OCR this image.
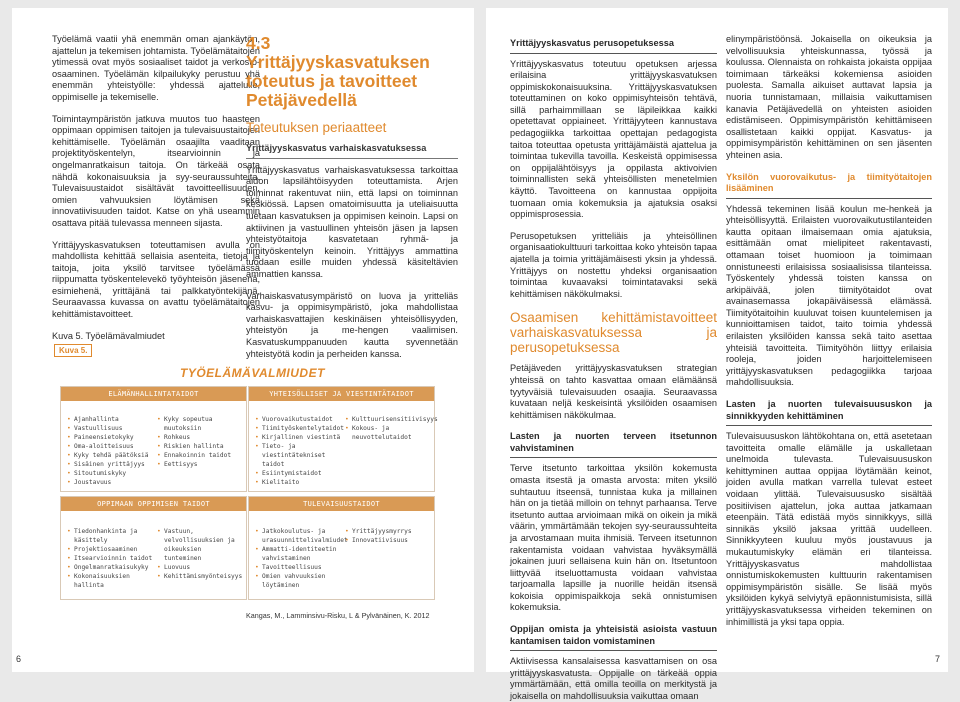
Työelämä vaatii yhä enemmän oman ajankäytön, ajattelun ja tekemisen johtamista. Työelämätaitojen ytimessä ovat myös sosiaaliset taidot ja verkosto-osaaminen. Työelämän kilpailukyky perustuu yhä enemmän yhteistyölle: yhdessä ajattelulle, oppimiselle ja tekemiselle.

Toimintaympäristön jatkuva muutos tuo haasteen oppimaan oppimisen taitojen ja tulevaisuustaitojen kehittämiselle. Työelämän osaajilta vaaditaan projektityöskentelyn, itsearvioinnin ja ongelmanratkaisun taitoja. On tärkeää osata nähdä kokonaisuuksia ja syy-seuraussuhteita. Tulevaisuustaidot sisältävät tavoitteellisuuden, omien vahvuuksien löytämisen sekä innovatiivisuuden taidot. Katse on yhä useammin osattava pitää tulevassa menneen sijasta.

Yrittäjyyskasvatuksen toteuttamisen avulla on mahdollista kehittää sellaisia asenteita, tietoja ja taitoja, joita yksilö tarvitsee työelämässä riippumatta työskentelevekö työyhteisön jäsenenä, esimiehenä, yrittäjänä tai palkkatyöntekijänä. Seuraavassa kuvassa on avattu työelämätaitojen kehittämistavoitteet.

Kuva 5. Työelämävalmiudet

Kuva 5.
TYÖELÄMÄVALMIUDET
ELÄMÄNHALLINTATAIDOT
• Ajanhallinta
• Vastuullisuus
• Paineensietokyky
• Oma-aloitteisuus
• Kyky tehdä päätöksiä
• Sisäinen yrittäjyys
• Sitoutumiskyky
• Joustavuus
• Kyky sopeutua muutoksiin
• Rohkeus
• Riskien hallinta
• Ennakoinnin taidot
• Eettisyys
YHTEISÖLLISET JA VIESTINTÄTAIDOT
• Vuorovaikutustaidot
• Tiimityöskentelytaidot
• Kirjallinen viestintä
• Tieto- ja viestintätekniset taidot
• Esiintymistaidot
• Kielitaito
• Kulttuurisensitiivisyys
• Kokous- ja neuvottelutaidot
OPPIMAAN OPPIMISEN TAIDOT
• Tiedonhankinta ja käsittely
• Projektiosaaminen
• Itsearvioinnin taidot
• Ongelmanratkaisukyky
• Kokonaisuuksien hallinta
• Vastuun, velvollisuuksien ja oikeuksien tunteminen
• Luovuus
• Kehittämismyönteisyys
TULEVAISUUSTAIDOT
• Jatkokoulutus- ja urasuunnittelivalmiudet
• Ammatti-identiteetin vahvistaminen
• Tavoitteellisuus
• Omien vahvuuksien löytäminen
• Yrittäjyysmyrrys
• Innovatiivisuus
6
4.3 Yrittäjyyskasvatuksen toteutus ja tavoitteet Petäjävedellä
Toteutuksen periaatteet
Yrittäjyyskasvatus varhaiskasvatuksessa

Yrittäjyyskasvatus varhaiskasvatuksessa tarkoittaa aidon lapsilähtöisyyden toteuttamista. Arjen toiminnat rakentuvat niin, että lapsi on toiminnan keskiössä. Lapsen omatoimisuutta ja uteliaisuutta tuetaan kasvatuksen ja oppimisen keinoin. Lapsi on aktiivinen ja vastuullinen yhteisön jäsen ja lapsen yhteistyötaitoja kasvatetaan ryhmä- ja tiimityöskentelyn keinoin. Yrittäjyys ammattina tuodaan esille muiden yhdessä käsiteltävien ammattien kanssa.

Varhaiskasvatusympäristö on luova ja yritteliäs kasvu- ja oppimisympäristö, joka mahdollistaa varhaiskasvattajien keskinäisen yhteisöllisyyden, yhteistyön ja me-hengen vaalimisen. Kasvatuskumppanuuden kautta syvennetään yhteistyötä kodin ja perheiden kanssa.

Kangas, M., Lamminsivu-Risku, L & Pylvänäinen, K. 2012
Yrittäjyyskasvatus perusopetuksessa

Yrittäjyyskasvatus toteutuu opetuksen arjessa erilaisina yrittäjyyskasvatuksen oppimiskokonaisuuksina. Yrittäjyyskasvatuksen toteuttaminen on koko oppimisyhteisön tehtävä, sillä parhaimmillaan se läpileikkaa kaikki opetettavat oppiaineet. Yrittäjyyteen kannustava pedagogiikka tarkoittaa opettajan pedagogista taitoa toteuttaa opetusta yrittäjämäistä ajattelua ja toimintaa tukevilla tavoilla. Keskeistä oppimisessa on oppijalähtöisyys ja oppilasta aktivoivien toiminnallisten sekä yhteisöllisten menetelmien käyttö. Tavoitteena on kannustaa oppijoita tuomaan omia kokemuksia ja ajatuksia osaksi oppimisprosessia.

Perusopetuksen yritteliäis ja yhteisöllinen organisaatiokulttuuri tarkoittaa koko yhteisön tapaa ajatella ja toimia yrittäjämäisesti yksin ja yhdessä. Yrittäjyys on nostettu yhdeksi organisaation toimintaa kuvaavaksi toimintatavaksi sekä kehittämisen näkökulmaksi.

Osaamisen kehittämistavoitteet varhaiskasvatuksessa ja perusopetuksessa

Petäjäveden yrittäjyyskasvatuksen strategian yhteissä on tahto kasvattaa omaan elämäänsä tyytyväisiä tulevaisuuden osaajia. Seuraavassa kuvataan neljä keskeisintä yksilöiden osaamisen kehittämisen näkökulmaa.

Lasten ja nuorten terveen itsetunnon vahvistaminen

Terve itsetunto tarkoittaa yksilön kokemusta omasta itsestä ja omasta arvosta: miten yksilö suhtautuu itseensä, tunnistaa kuka ja millainen hän on ja tietää milloin on tehnyt parhaansa. Terve itsetunto auttaa arvioimaan mikä on oikein ja mikä väärin, ymmärtämään tekojen syy-seuraussuhteita ja arvostamaan muita ihmisiä. Terveen itsetunnon rakentamista voidaan vahvistaa hyväksymällä jokainen juuri sellaisena kuin hän on. Itsetuntoon liittyvää itseluottamusta voidaan vahvistaa tarjoamalla lapsille ja nuorille heidän itsensä kokoisia oppimispaikkoja sekä onnistumisen kokemuksia.

Oppijan omista ja yhteisistä asioista vastuun kantamisen taidon vomistaminen

Aktiivisessa kansalaisessa kasvattamisen on osa yrittäjyyskasvatusta. Oppijalle on tärkeää oppia ymmärtämään, että omilla teoilla on merkitystä ja jokaisella on mahdollisuuksia vaikuttaa omaan

elinympäristöönsä. Jokaisella on oikeuksia ja velvollisuuksia yhteiskunnassa, työssä ja koulussa. Olennaista on rohkaista jokaista oppijaa toimimaan tärkeäksi kokemiensa asioiden puolesta. Samalla aikuiset auttavat lapsia ja nuoria tunnistamaan, millaisia vaikuttamisen kanavia Petäjävedellä on yhteisten asioiden edistämiseen. Oppimisympäristön kehittämiseen osallistetaan kaikki oppijat. Kasvatus- ja oppimisympäristön kehittäminen on sen jäsenten yhteinen asia.

Yksilön vuorovaikutus- ja tiimityötaitojen lisääminen

Yhdessä tekeminen lisää koulun me-henkeä ja yhteisöllisyyttä. Erilaisten vuorovaikutustilanteiden kautta opitaan ilmaisemaan omia ajatuksia, esittämään omat mielipiteet rakentavasti, ottamaan toiset huomioon ja toimimaan onnistuneesti erilaisissa sosiaalisissa tilanteissa. Työskentely yhdessä toisten kanssa on arkipäivää, jolen tiimityötaidot ovat avainasemassa jokapäiväisessä elämässä. Tiimityötaitoihin kuuluvat toisen kuuntelemisen ja kunnioittamisen taidot, taito toimia yhdessä erilaisten yksilöiden kanssa sekä taito asettaa yhteisiä tavoitteita. Tiimityöhön liittyy erilaisia rooleja, joiden harjoittelemiseen yrittäjyyskasvatuksen pedagogiikka tarjoaa mahdollisuuksia.

Lasten ja nuorten tulevaisuususkon ja sinnikkyyden kehittäminen

Tulevaisuususkon lähtökohtana on, että asetetaan tavoitteita omalle elämälle ja uskalletaan unelmoida tulevasta. Tulevaisuususkon kehittyminen auttaa oppijaa löytämään keinot, joiden avulla matkan varrella tulevat esteet voidaan ylittää. Tulevaisuususko sisältää positiivisen ajattelun, joka auttaa jatkamaan eteenpäin. Tätä edistää myös sinnikkyys, sillä sinnikäs yksilö jaksaa yrittää uudelleen. Sinnikkyyteen kuuluu myös joustavuus ja mukautumiskyky elämän eri tilanteissa. Yrittäjyyskasvatus mahdollistaa onnistumiskokemusten kulttuurin rakentamisen oppimisympäristön sisälle. Se lisää myös yksilöiden kykyä selviytyä epäonnistumisista, sillä yrittäjyyskasvatuksessa virheiden tekeminen on inhimillistä ja yksi tapa oppia.

7
